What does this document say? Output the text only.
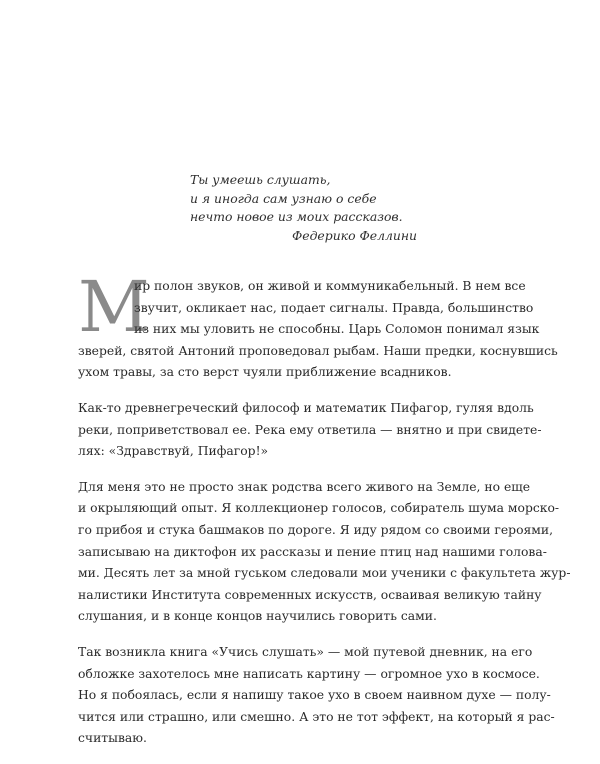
Ты умеешь слушать,
и я иногда сам узнаю о себе
нечто новое из моих рассказов.
Федерико Феллини
М

ир полон звуков, он живой и коммуникабельный. В нем все
звучит, окликает нас, подает сигналы. Правда, большинство
из них мы уловить не способны. Царь Соломон понимал язык
зверей, святой Антоний проповедовал рыбам. Наши предки, коснувшись
ухом травы, за сто верст чуяли приближение всадников.

Как-то древнегреческий философ и математик Пифагор, гуляя вдоль
реки, поприветствовал ее. Река ему ответила — внятно и при свидете-
лях: «Здравствуй, Пифагор!»

Для меня это не просто знак родства всего живого на Земле, но еще
и окрыляющий опыт. Я коллекционер голосов, собиратель шума морско-
го прибоя и стука башмаков по дороге. Я иду рядом со своими героями,
записываю на диктофон их рассказы и пение птиц над нашими голова-
ми. Десять лет за мной гуськом следовали мои ученики с факультета жур-
налистики Института современных искусств, осваивая великую тайну
слушания, и в конце концов научились говорить сами.

Так возникла книга «Учись слушать» — мой путевой дневник, на его
обложке захотелось мне написать картину — огромное ухо в космосе.
Но я побоялась, если я напишу такое ухо в своем наивном духе — полу-
чится или страшно, или смешно. А это не тот эффект, на который я рас-
считываю.
